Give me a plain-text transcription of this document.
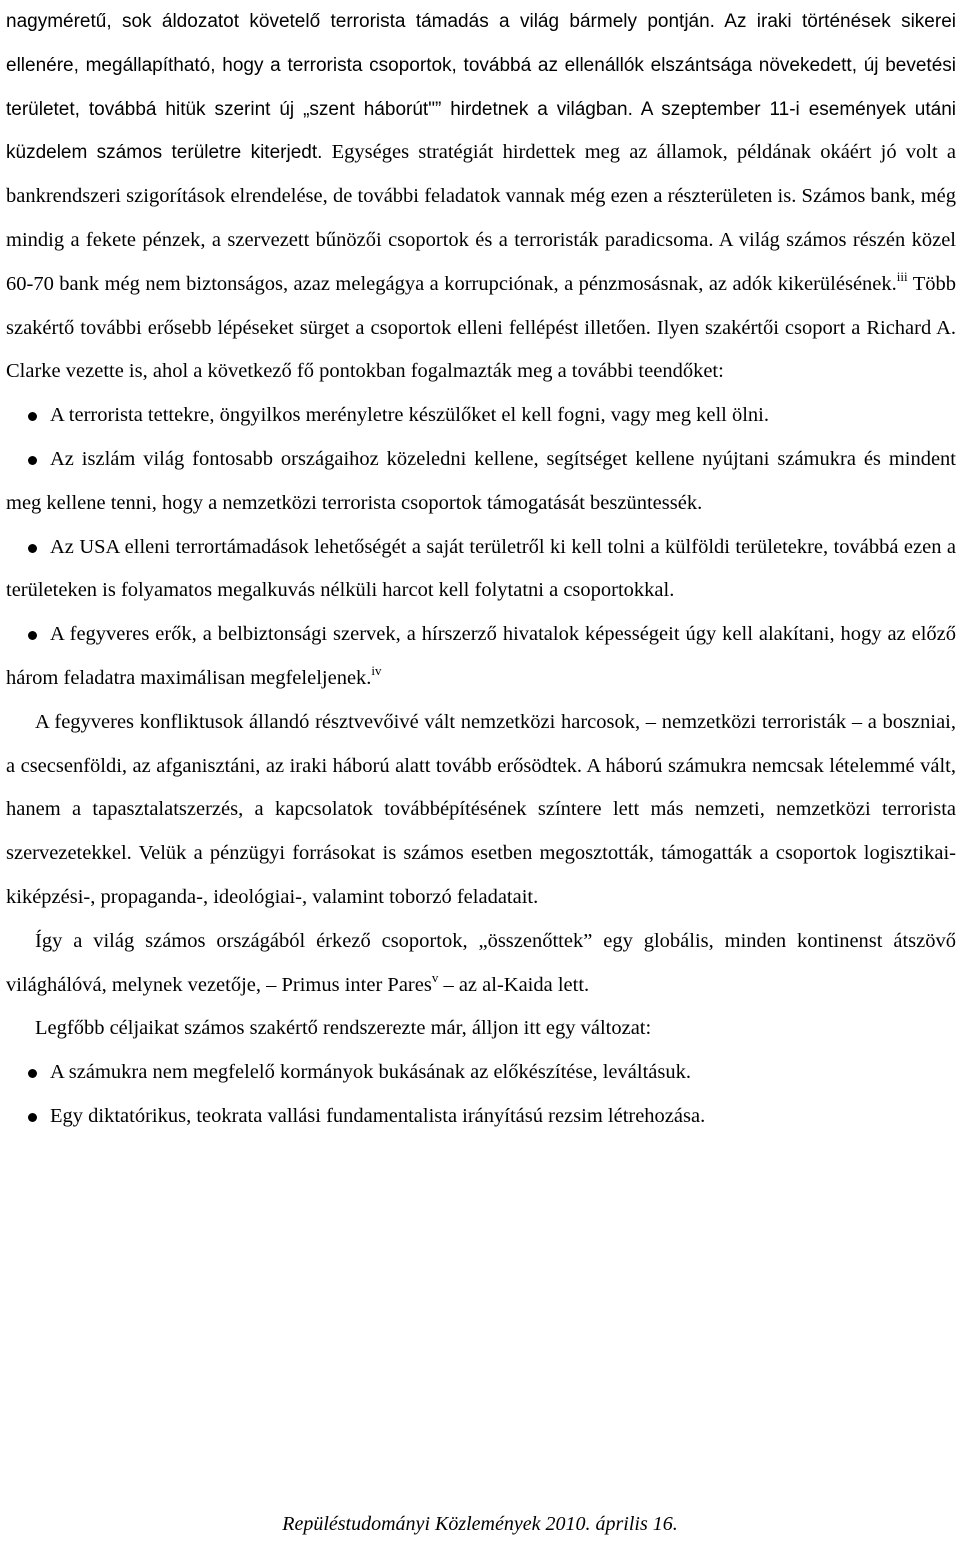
nagyméretű, sok áldozatot követelő terrorista támadás a világ bármely pontján. Az iraki történések sikerei ellenére, megállapítható, hogy a terrorista csoportok, továbbá az ellenállók elszántsága növekedett, új bevetési területet, továbbá hitük szerint új „szent háborút"” hirdetnek a világban. A szeptember 11-i események utáni küzdelem számos területre kiterjedt. Egységes stratégiát hirdettek meg az államok, példának okáért jó volt a bankrendszeri szigorítások elrendelése, de további feladatok vannak még ezen a részterületen is. Számos bank, még mindig a fekete pénzek, a szervezett bűnözői csoportok és a terroristák paradicsoma. A világ számos részén közel 60-70 bank még nem biztonságos, azaz melegágya a korrupciónak, a pénzmosásnak, az adók kikerülésének.$^{iii}$ Több szakértő további erősebb lépéseket sürget a csoportok elleni fellépést illetően. Ilyen szakértői csoport a Richard A. Clarke vezette is, ahol a következő fő pontokban fogalmazták meg a további teendőket:

A terrorista tettekre, öngyilkos merényletre készülőket el kell fogni, vagy meg kell ölni.

Az iszlám világ fontosabb országaihoz közeledni kellene, segítséget kellene nyújtani számukra és mindent meg kellene tenni, hogy a nemzetközi terrorista csoportok támogatását beszüntessék.

Az USA elleni terrortámadások lehetőségét a saját területről ki kell tolni a külföldi területekre, továbbá ezen a területeken is folyamatos megalkuvás nélküli harcot kell folytatni a csoportokkal.

A fegyveres erők, a belbiztonsági szervek, a hírszerző hivatalok képességeit úgy kell alakítani, hogy az előző három feladatra maximálisan megfeleljenek.$^{iv}$

A fegyveres konfliktusok állandó résztvevőivé vált nemzetközi harcosok, – nemzetközi terroristák – a boszniai, a csecsenföldi, az afganisztáni, az iraki háború alatt tovább erősödtek. A háború számukra nemcsak lételemmé vált, hanem a tapasztalatszerzés, a kapcsolatok továbbépítésének színtere lett más nemzeti, nemzetközi terrorista szervezetekkel. Velük a pénzügyi forrásokat is számos esetben megosztották, támogatták a csoportok logisztikai-kiképzési-, propaganda-, ideológiai-, valamint toborzó feladatait.

Így a világ számos országából érkező csoportok, „összenőttek” egy globális, minden kontinenst átszövő világhálóvá, melynek vezetője, – Primus inter Pares$^v$ – az al-Kaida lett.

Legfőbb céljaikat számos szakértő rendszerezte már, álljon itt egy változat:

A számukra nem megfelelő kormányok bukásának az előkészítése, leváltásuk.

Egy diktatórikus, teokrata vallási fundamentalista irányítású rezsim létrehozása.

Repüléstudományi Közlemények 2010. április 16.
